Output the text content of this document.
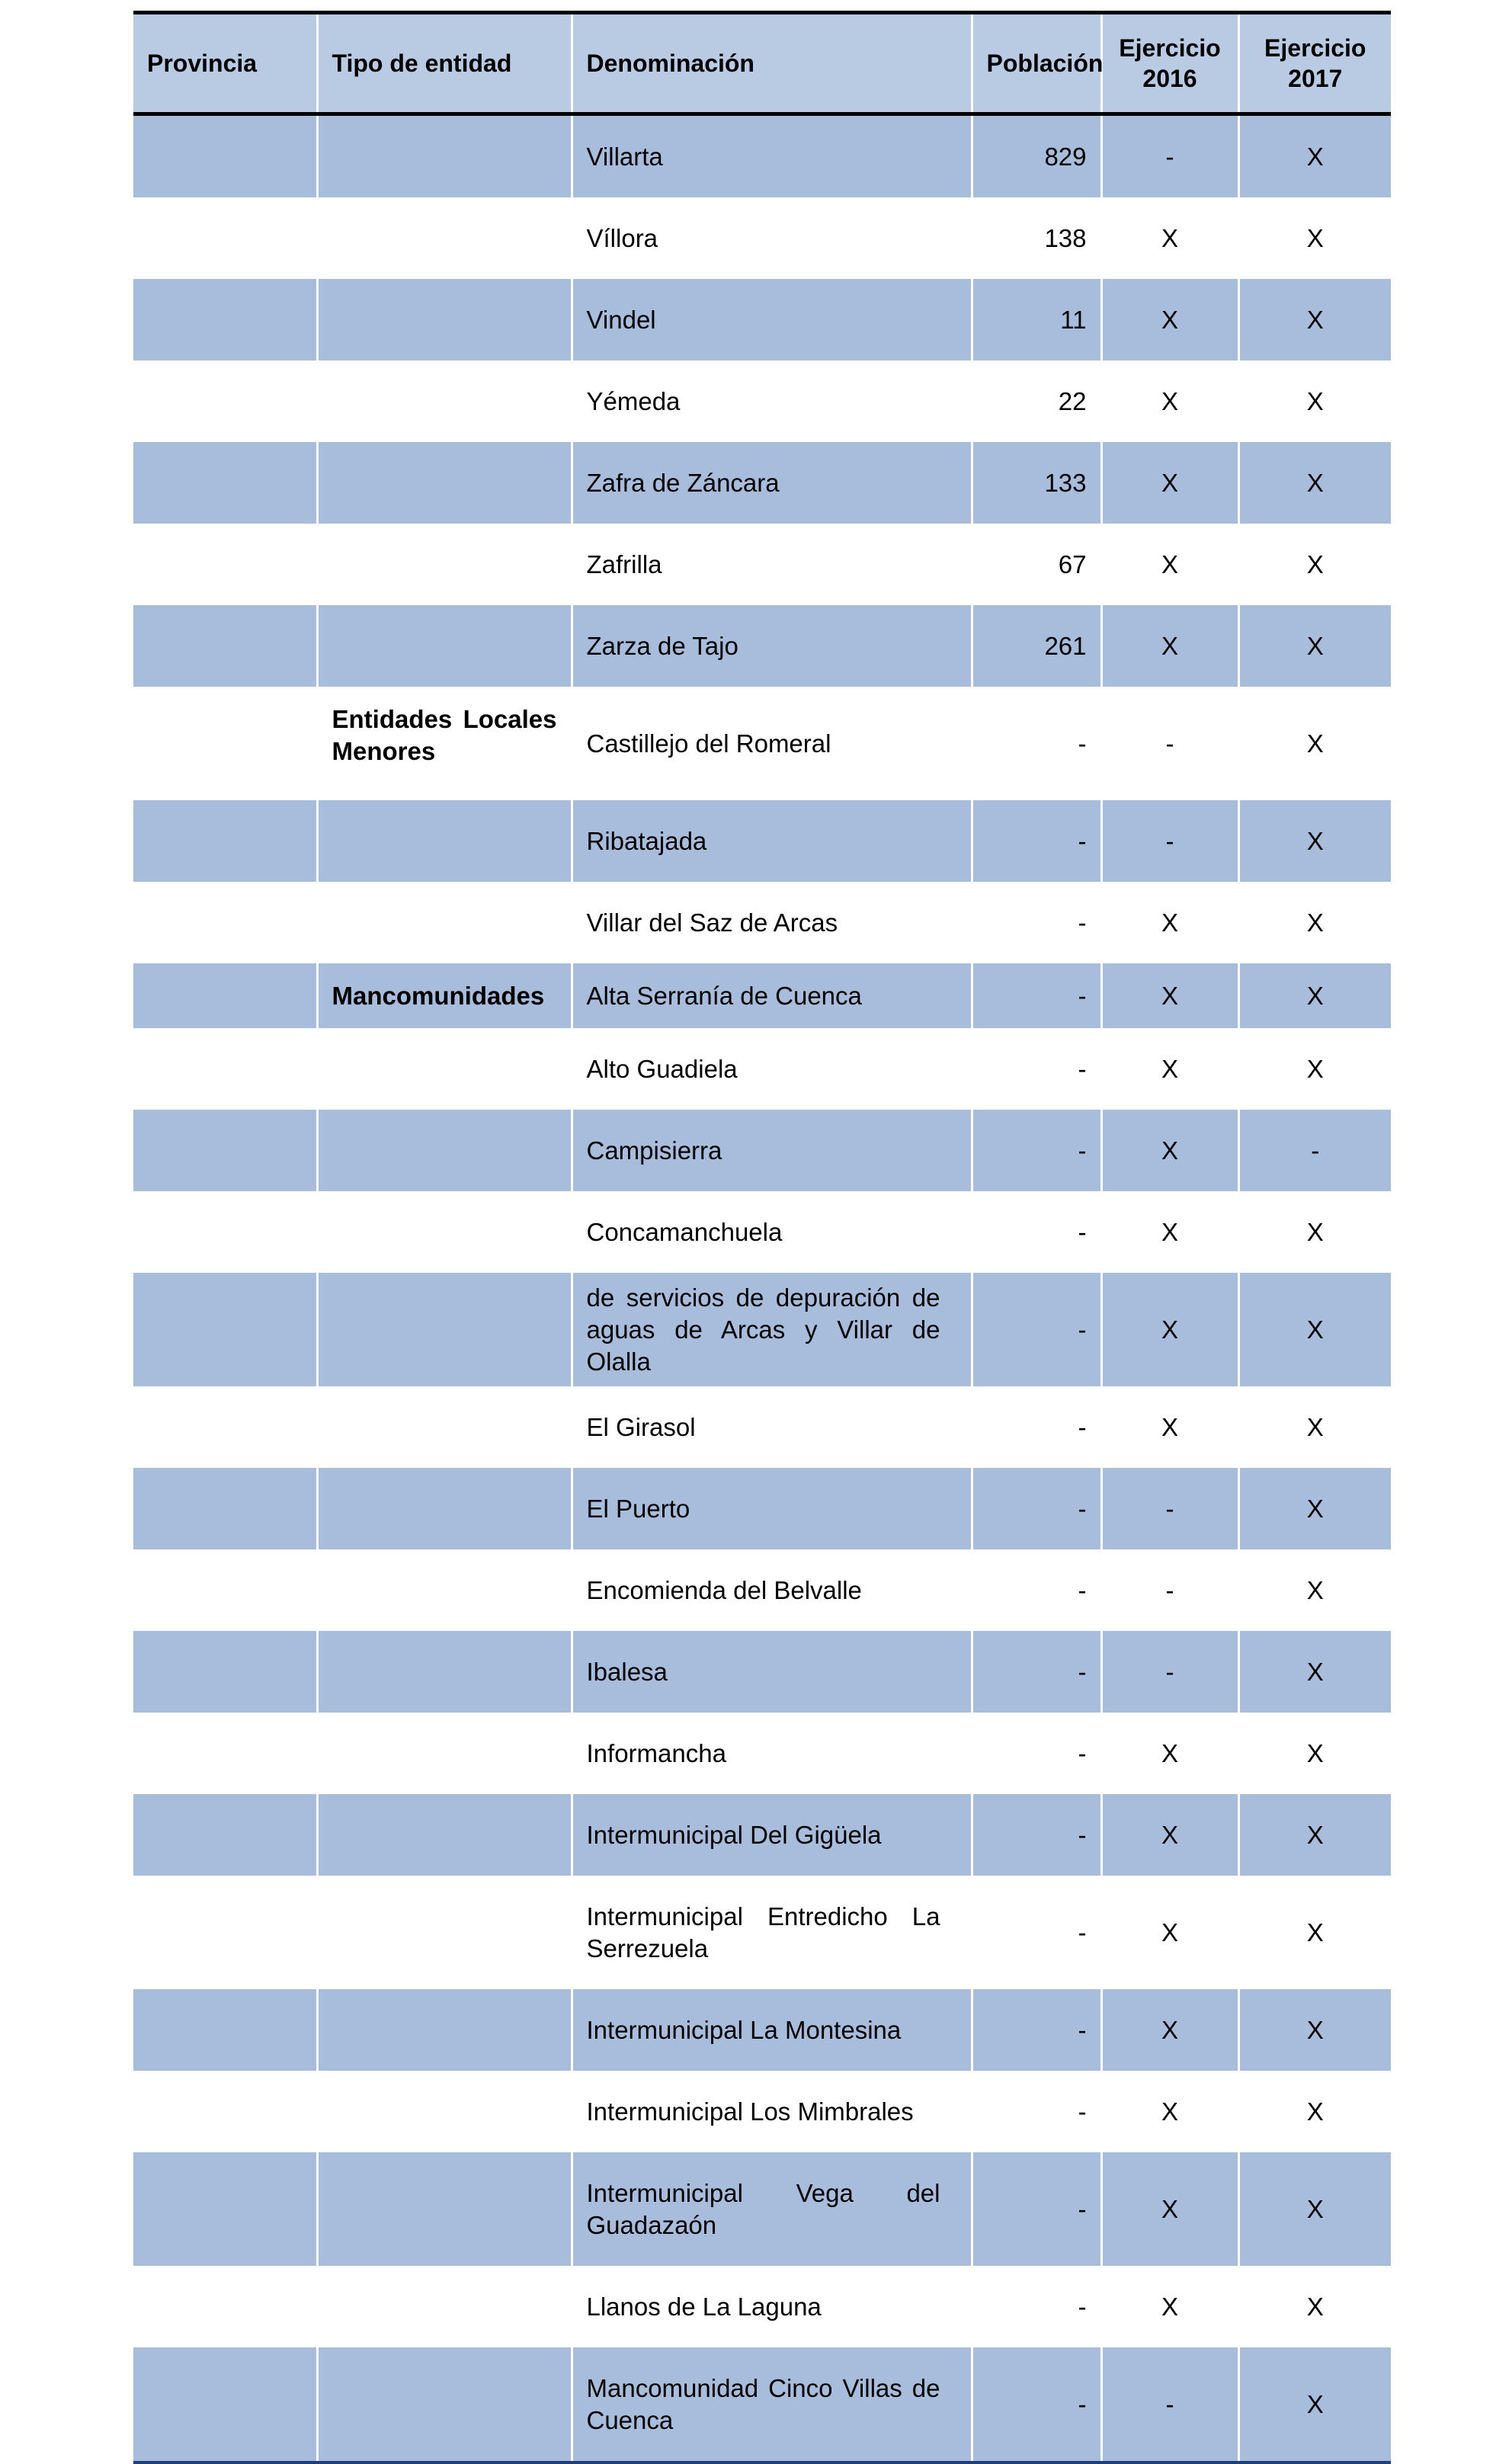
Provincia	Tipo de entidad	Denominación	Población	Ejercicio 2016	Ejercicio 2017
		Villarta	829	-	X
		Víllora	138	X	X
		Vindel	11	X	X
		Yémeda	22	X	X
		Zafra de Záncara	133	X	X
		Zafrilla	67	X	X
		Zarza de Tajo	261	X	X
	Entidades Locales Menores	Castillejo del Romeral	-	-	X
		Ribatajada	-	-	X
		Villar del Saz de Arcas	-	X	X
	Mancomunidades	Alta Serranía de Cuenca	-	X	X
		Alto Guadiela	-	X	X
		Campisierra	-	X	-
		Concamanchuela	-	X	X
		de servicios de depuración de aguas de Arcas y Villar de Olalla	-	X	X
		El Girasol	-	X	X
		El Puerto	-	-	X
		Encomienda del Belvalle	-	-	X
		Ibalesa	-	-	X
		Informancha	-	X	X
		Intermunicipal Del Gigüela	-	X	X
		Intermunicipal Entredicho La Serrezuela	-	X	X
		Intermunicipal La Montesina	-	X	X
		Intermunicipal Los Mimbrales	-	X	X
		Intermunicipal Vega del Guadazaón	-	X	X
		Llanos de La Laguna	-	X	X
		Mancomunidad Cinco Villas de Cuenca	-	-	X
